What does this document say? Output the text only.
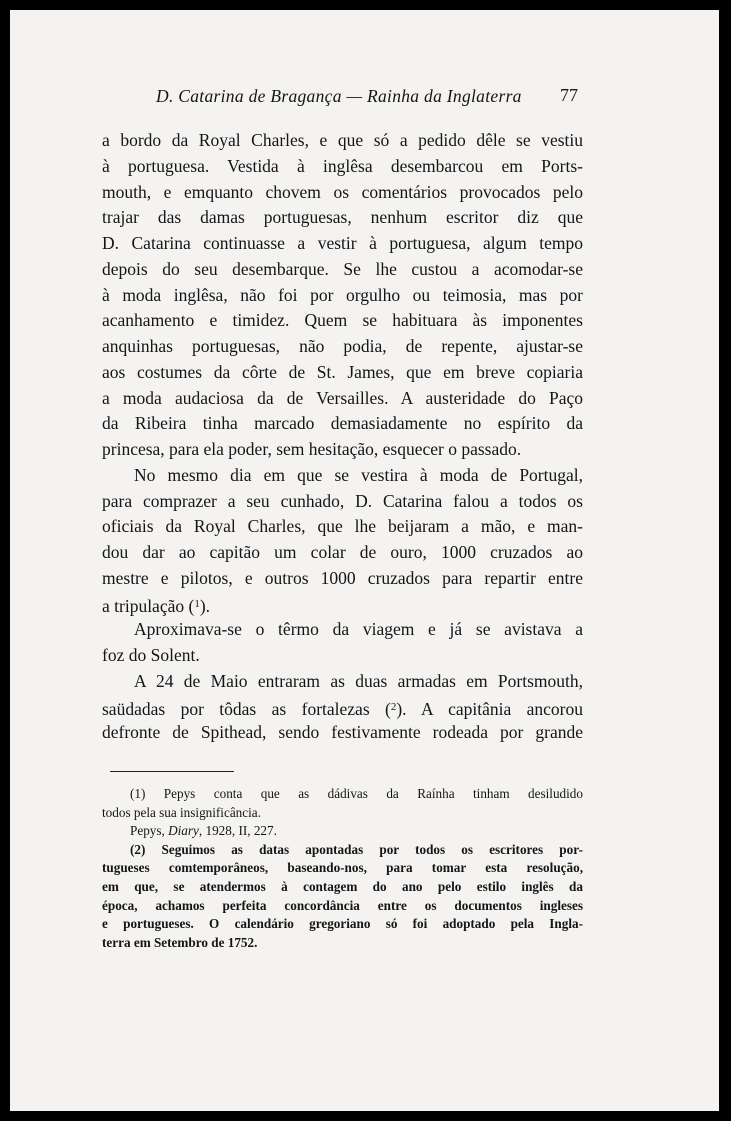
D. Catarina de Bragança — Rainha da Inglaterra 77
a bordo da Royal Charles, e que só a pedido dêle se vestiu
à portuguesa. Vestida à inglêsa desembarcou em Ports-
mouth, e emquanto chovem os comentários provocados pelo
trajar das damas portuguesas, nenhum escritor diz que
D. Catarina continuasse a vestir à portuguesa, algum tempo
depois do seu desembarque. Se lhe custou a acomodar-se
à moda inglêsa, não foi por orgulho ou teimosia, mas por
acanhamento e timidez. Quem se habituara às imponentes
anquinhas portuguesas, não podia, de repente, ajustar-se
aos costumes da côrte de St. James, que em breve copiaria
a moda audaciosa da de Versailles. A austeridade do Paço
da Ribeira tinha marcado demasiadamente no espírito da
princesa, para ela poder, sem hesitação, esquecer o passado.
No mesmo dia em que se vestira à moda de Portugal,
para comprazer a seu cunhado, D. Catarina falou a todos os
oficiais da Royal Charles, que lhe beijaram a mão, e man-
dou dar ao capitão um colar de ouro, 1000 cruzados ao
mestre e pilotos, e outros 1000 cruzados para repartir entre
a tripulação ($^1$).
Aproximava-se o têrmo da viagem e já se avistava a
foz do Solent.
A 24 de Maio entraram as duas armadas em Portsmouth,
saüdadas por tôdas as fortalezas ($^2$). A capitânia ancorou
defronte de Spithead, sendo festivamente rodeada por grande
(1) Pepys conta que as dádivas da Raínha tinham desiludido
todos pela sua insignificância.
Pepys, Diary, 1928, II, 227.
(2) Seguimos as datas apontadas por todos os escritores por-
tugueses comtemporâneos, baseando-nos, para tomar esta resolução,
em que, se atendermos à contagem do ano pelo estilo inglês da
época, achamos perfeita concordância entre os documentos ingleses
e portugueses. O calendário gregoriano só foi adoptado pela Ingla-
terra em Setembro de 1752.
